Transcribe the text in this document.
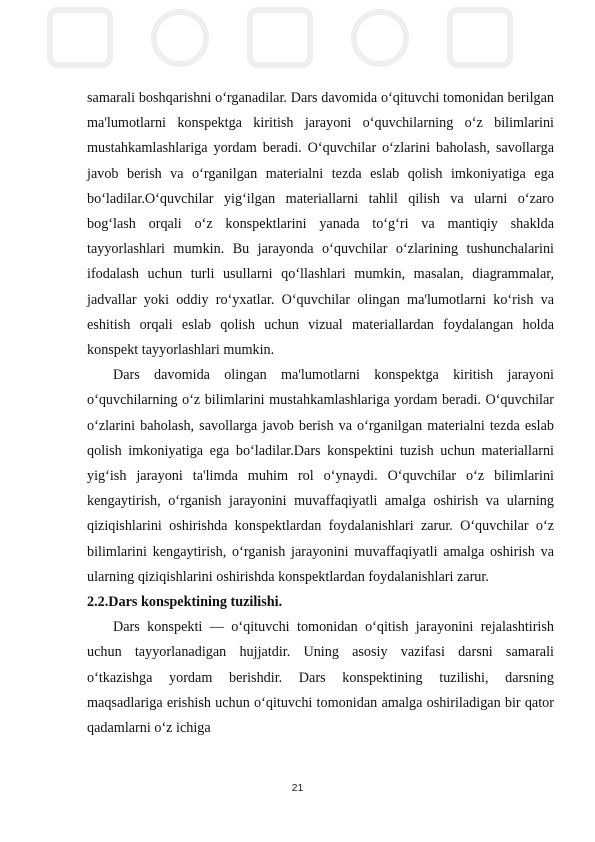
samarali boshqarishni o‘rganadilar. Dars davomida o‘qituvchi tomonidan berilgan ma'lumotlarni konspektga kiritish jarayoni o‘quvchilarning o‘z bilimlarini mustahkamlashlariga yordam beradi. O‘quvchilar o‘zlarini baholash, savollarga javob berish va o‘rganilgan materialni tezda eslab qolish imkoniyatiga ega bo‘ladilar.O‘quvchilar yig‘ilgan materiallarni tahlil qilish va ularni o‘zaro bog‘lash orqali o‘z konspektlarini yanada to‘g‘ri va mantiqiy shaklda tayyorlashlari mumkin. Bu jarayonda o‘quvchilar o‘zlarining tushunchalarini ifodalash uchun turli usullarni qo‘llashlari mumkin, masalan, diagrammalar, jadvallar yoki oddiy ro‘yxatlar. O‘quvchilar olingan ma'lumotlarni ko‘rish va eshitish orqali eslab qolish uchun vizual materiallardan foydalangan holda konspekt tayyorlashlari mumkin.

Dars davomida olingan ma'lumotlarni konspektga kiritish jarayoni o‘quvchilarning o‘z bilimlarini mustahkamlashlariga yordam beradi. O‘quvchilar o‘zlarini baholash, savollarga javob berish va o‘rganilgan materialni tezda eslab qolish imkoniyatiga ega bo‘ladilar.Dars konspektini tuzish uchun materiallarni yig‘ish jarayoni ta'limda muhim rol o‘ynaydi. O‘quvchilar o‘z bilimlarini kengaytirish, o‘rganish jarayonini muvaffaqiyatli amalga oshirish va ularning qiziqishlarini oshirishda konspektlardan foydalanishlari zarur. O‘quvchilar o‘z bilimlarini kengaytirish, o‘rganish jarayonini muvaffaqiyatli amalga oshirish va ularning qiziqishlarini oshirishda konspektlardan foydalanishlari zarur.

2.2.Dars konspektining tuzilishi.

Dars konspekti — o‘qituvchi tomonidan o‘qitish jarayonini rejalashtirish uchun tayyorlanadigan hujjatdir. Uning asosiy vazifasi darsni samarali o‘tkazishga yordam berishdir. Dars konspektining tuzilishi, darsning maqsadlariga erishish uchun o‘qituvchi tomonidan amalga oshiriladigan bir qator qadamlarni o‘z ichiga

21
